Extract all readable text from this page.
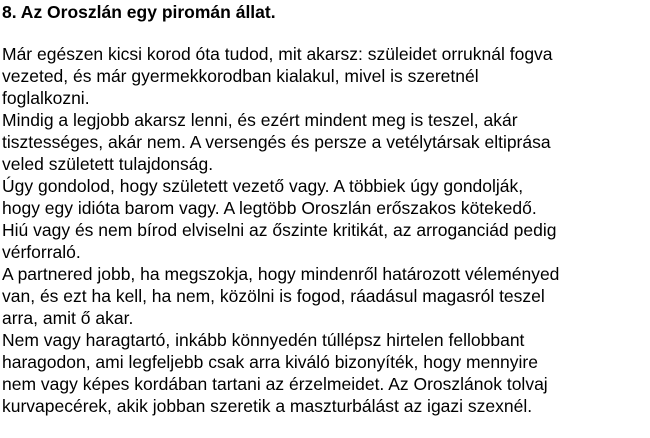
8. Az Oroszlán egy piromán állat.
Már egészen kicsi korod óta tudod, mit akarsz: szüleidet orruknál fogva
vezeted, és már gyermekkorodban kialakul, mivel is szeretnél
foglalkozni.
Mindig a legjobb akarsz lenni, és ezért mindent meg is teszel, akár
tisztességes, akár nem. A versengés és persze a vetélytársak eltiprása
veled született tulajdonság.
Úgy gondolod, hogy született vezető vagy. A többiek úgy gondolják,
hogy egy idióta barom vagy. A legtöbb Oroszlán erőszakos kötekedő.
Hiú vagy és nem bírod elviselni az őszinte kritikát, az arroganciád pedig
vérforraló.
A partnered jobb, ha megszokja, hogy mindenről határozott véleményed
van, és ezt ha kell, ha nem, közölni is fogod, ráadásul magasról teszel
arra, amit ő akar.
Nem vagy haragtartó, inkább könnyedén túllépsz hirtelen fellobbant
haragodon, ami legfeljebb csak arra kiváló bizonyíték, hogy mennyire
nem vagy képes kordában tartani az érzelmeidet. Az Oroszlánok tolvaj
kurvapecérek, akik jobban szeretik a maszturbálást az igazi szexnél.
